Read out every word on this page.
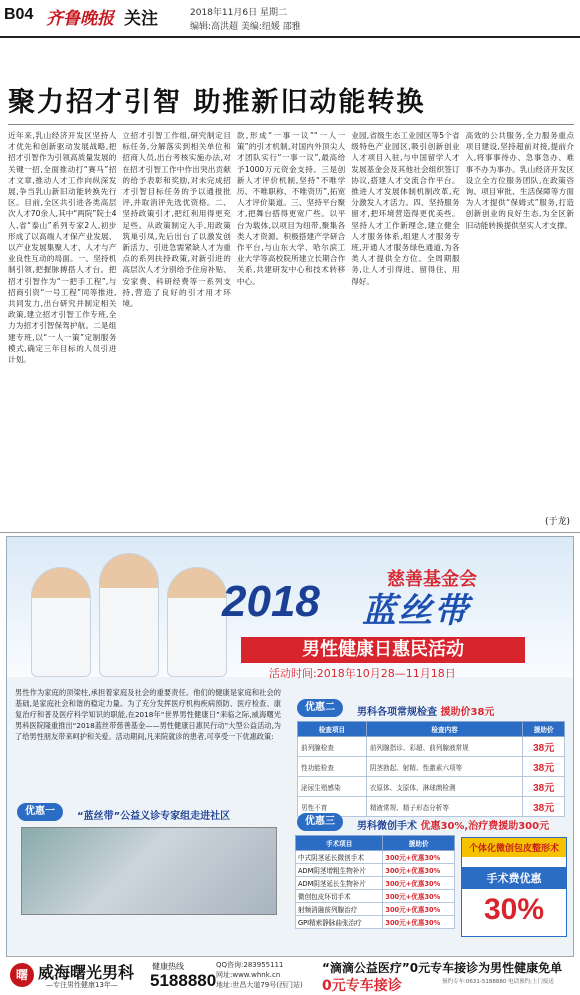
B04 齐鲁晚报 关注	2018年11月6日 星期二
编辑:高洪超 美编:纽媛 邵雅
聚力招才引智 助推新旧动能转换
近年来,乳山经济开发区坚持人才优先和创新驱动发展战略,把招才引智作为引领高质量发展的关键一招,全面推动打“赛马”招才文章,推动人才工作向纵深发展,争当乳山新旧动能转换先行区。目前,全区共引进各类高层次人才70余人,其中“两院”院士4人,省“泰山”系列专家2人,初步形成了以高端人才保产业发展、以产业发展集聚人才、人才与产业良性互动的局面。一、坚持机制引领,把握脉搏搭人才台。把招才引智作为“一把手工程”,与招商引资“一号工程”同等推进,共同发力,出台研究并制定相关政策,建立招才引智工作专班,全力为招才引智保驾护航。二是组建专班,以“一人一策”定制服务模式,确定三年目标的人员引进计划。
立招才引智工作组,研究制定目标任务,分解落实到相关单位和招商人员,出台考核实施办法,对在招才引智工作中作出突出贡献的给予表彰和奖励,对未完成招才引智目标任务的予以通报批评,并取消评先选优资格。二、坚持政策引才,把红利用得更充足些。从政策制定入手,用政策筑巢引凤,先后出台了以激发创新活力、引进急需紧缺人才为重点的系列扶持政策,对新引进的高层次人才分别给予住房补贴、安家费、科研经费等一系列支持,营造了良好的引才用才环境。
款,形成“一事一议”“一人一策”的引才机制,对国内外顶尖人才团队实行“一事一议”,最高给予1000万元资金支持。三是创新人才评价机制,坚持“不唯学历、不唯职称、不唯资历”,拓宽人才评价渠道。三、坚持平台聚才,把舞台搭得更宽广些。以平台为载体,以项目为纽带,聚集各类人才资源。积极搭建产学研合作平台,与山东大学、哈尔滨工业大学等高校院所建立长期合作关系,共建研发中心和技术转移中心。
业园,省级生态工业园区等5个省级特色产业园区,吸引创新创业人才项目入驻,与中国留学人才发展基金会及其他社会组织签订协议,搭建人才交流合作平台。推进人才发展体制机制改革,充分激发人才活力。四、坚持服务留才,把环境营造得更优美些。坚持人才工作新理念,建立健全人才服务体系,组建人才服务专班,开通人才服务绿色通道,为各类人才提供全方位、全周期服务,让人才引得进、留得住、用得好。
高效的公共服务,全力服务重点项目建设,坚持超前对接,提前介入,将事事待办、急事急办、难事不办为事办。乳山经济开发区设立全方位服务团队,在政策咨询、项目审批、生活保障等方面为人才提供“保姆式”服务,打造创新创业的良好生态,为全区新旧动能转换提供坚实人才支撑。
(于龙)
慈善基金会
2018 蓝丝带
男性健康日惠民活动
活动时间:2018年10月28—11月18日

男性作为家庭的顶梁柱,承担着家庭及社会的重要责任。他们的健康是家庭和社会的基础,是家庭社会和谐的稳定力量。为了充分发挥医疗机构疾病预防、医疗检查、康复治疗和普及医疗科学知识的职能,在2018年“世界男性健康日”来临之际,威海曙光男科医院隆重推出“2018蓝丝带慈善基金——男性健康日惠民行动”大型公益活动,为了给男性朋友带来呵护和关爱。活动期间,凡来院就诊的患者,可享受一下优惠政策:

优惠一	“蓝丝带”公益义诊专家组走进社区
优惠二	男科各项常规检查 援助价38元
检查项目	检查内容	援助价
前列腺检查	前列腺指诊、彩超、前列腺液常规	38元
性功能检查	阴茎勃起、射精、性激素六项等	38元
泌尿生殖感染	衣原体、支原体、淋球菌检测	38元
男性不育	精液常规、精子形态分析等	38元
优惠三	男科微创手术 优惠30%,治疗费援助300元
手术项目	援助价
中式阴茎延长微创手术	300元+优惠30%
ADM阴茎增粗生物补片	300元+优惠30%
ADM阴茎延长生物补片	300元+优惠30%
微创包皮环切手术	300元+优惠30%
射频消融前列腺治疗	300元+优惠30%
GPI精索静脉曲张治疗	300元+优惠30%
个体化微创包皮整形术
手术费优惠
30%
曙 威海曙光男科
—专注男性健康13年—
健康热线
5188880
QQ咨询:283955111
网址:www.whnk.cn
地址:世昌大道79号(西门站)
“滴滴公益医疗”0元专车接诊为男性健康免单
0元专车接诊	预约专车:0631-5188880 电话预约;上门接送
